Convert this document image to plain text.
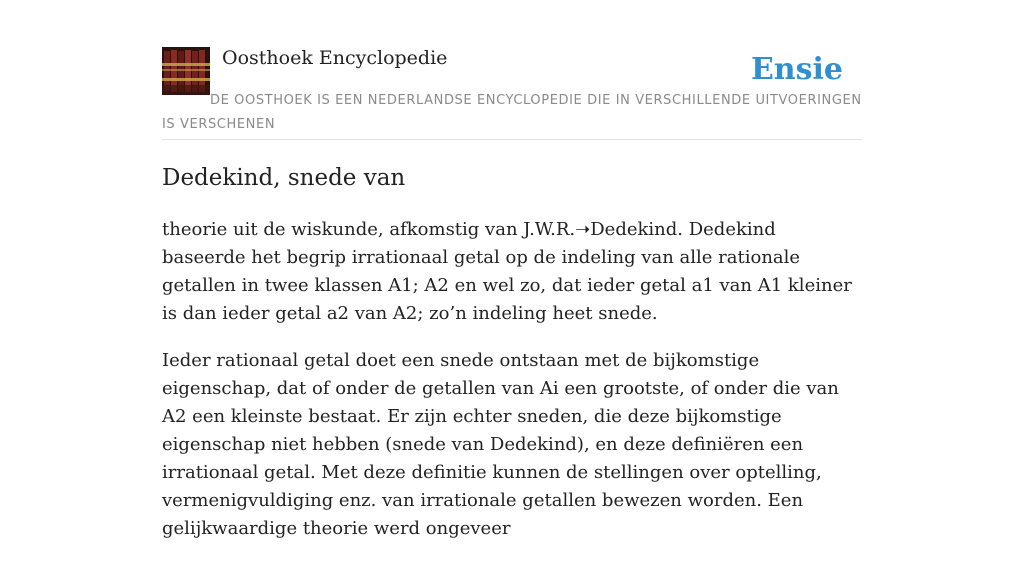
Oosthoek Encyclopedie	Ensie
DE OOSTHOEK IS EEN NEDERLANDSE ENCYCLOPEDIE DIE IN VERSCHILLENDE UITVOERINGEN IS VERSCHENEN
Dedekind, snede van

theorie uit de wiskunde, afkomstig van J.W.R.➝Dedekind. Dedekind baseerde het begrip irrationaal getal op de indeling van alle rationale getallen in twee klassen A1; A2 en wel zo, dat ieder getal a1 van A1 kleiner is dan ieder getal a2 van A2; zo’n indeling heet snede.

Ieder rationaal getal doet een snede ontstaan met de bijkomstige eigenschap, dat of onder de getallen van Ai een grootste, of onder die van A2 een kleinste bestaat. Er zijn echter sneden, die deze bijkomstige eigenschap niet hebben (snede van Dedekind), en deze definiëren een irrationaal getal. Met deze definitie kunnen de stellingen over optelling, vermenigvuldiging enz. van irrationale getallen bewezen worden. Een gelijkwaardige theorie werd ongeveer
